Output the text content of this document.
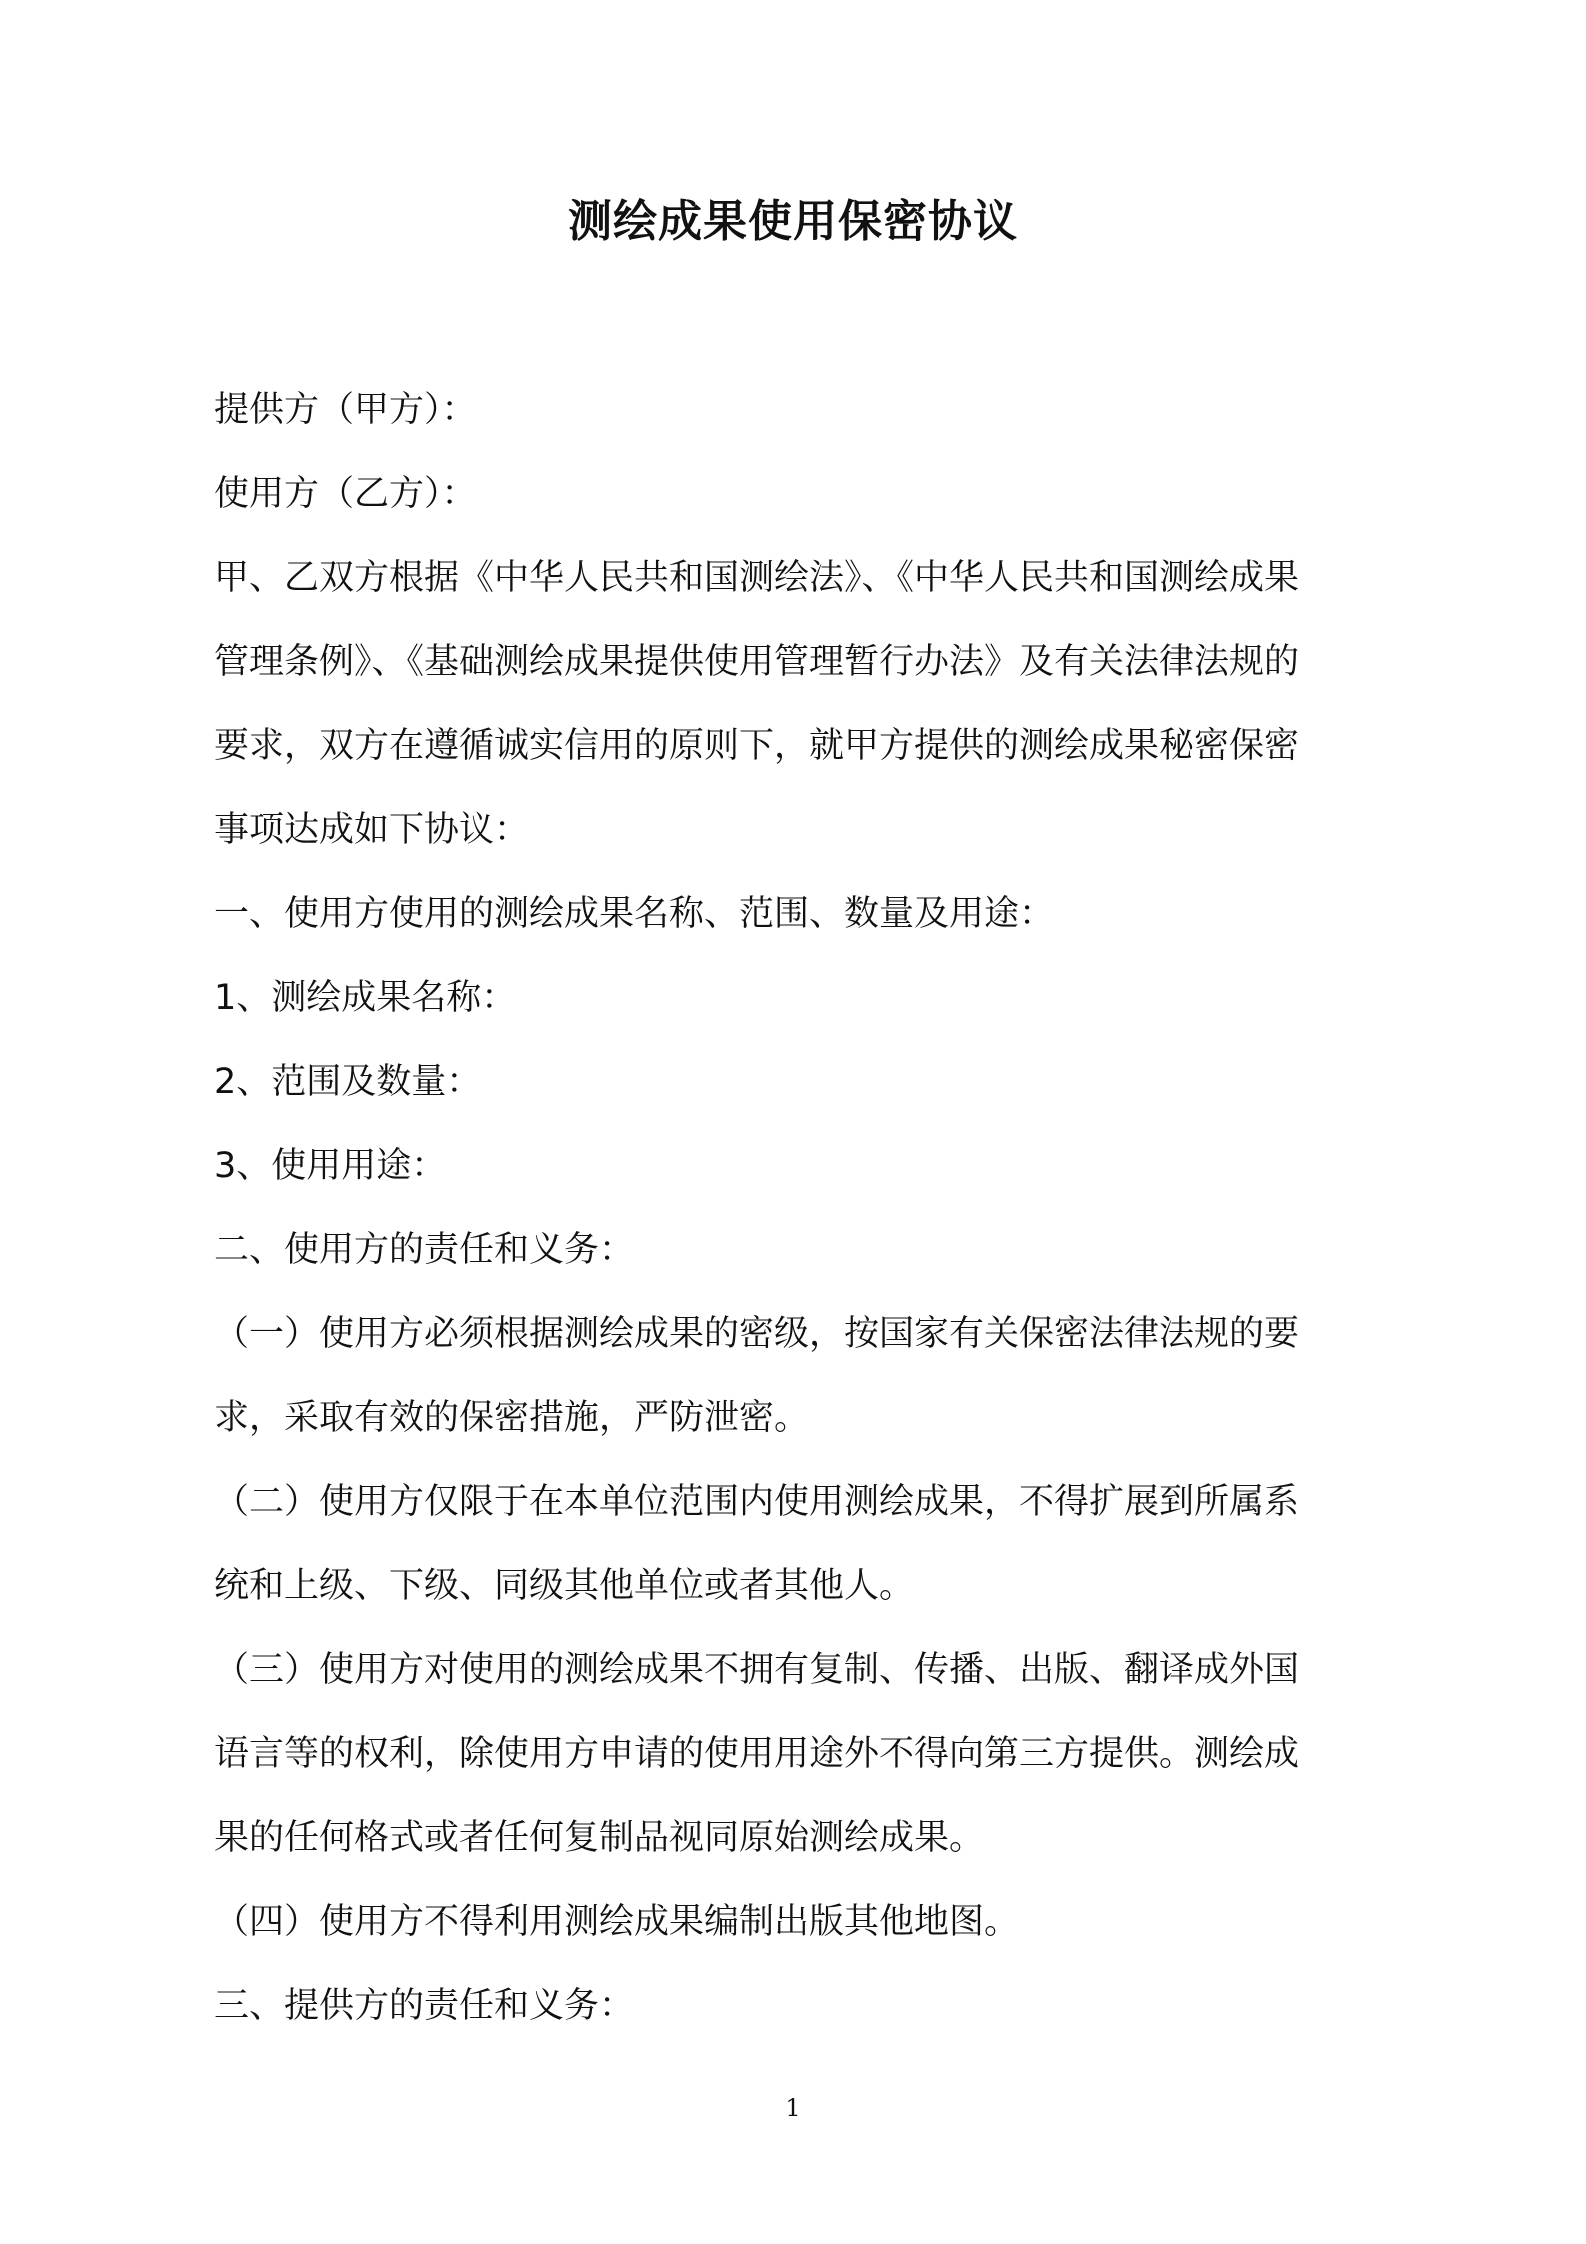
测绘成果使用保密协议
提供方（甲方）：
使用方（乙方）：
甲、乙双方根据《中华人民共和国测绘法》、《中华人民共和国测绘成果
管理条例》、《基础测绘成果提供使用管理暂行办法》及有关法律法规的
要求，双方在遵循诚实信用的原则下，就甲方提供的测绘成果秘密保密
事项达成如下协议：
一、使用方使用的测绘成果名称、范围、数量及用途：
1、测绘成果名称：
2、范围及数量：
3、使用用途：
二、使用方的责任和义务：
（一）使用方必须根据测绘成果的密级，按国家有关保密法律法规的要
求，采取有效的保密措施，严防泄密。
（二）使用方仅限于在本单位范围内使用测绘成果，不得扩展到所属系
统和上级、下级、同级其他单位或者其他人。
（三）使用方对使用的测绘成果不拥有复制、传播、出版、翻译成外国
语言等的权利，除使用方申请的使用用途外不得向第三方提供。测绘成
果的任何格式或者任何复制品视同原始测绘成果。
（四）使用方不得利用测绘成果编制出版其他地图。
三、提供方的责任和义务：
1
